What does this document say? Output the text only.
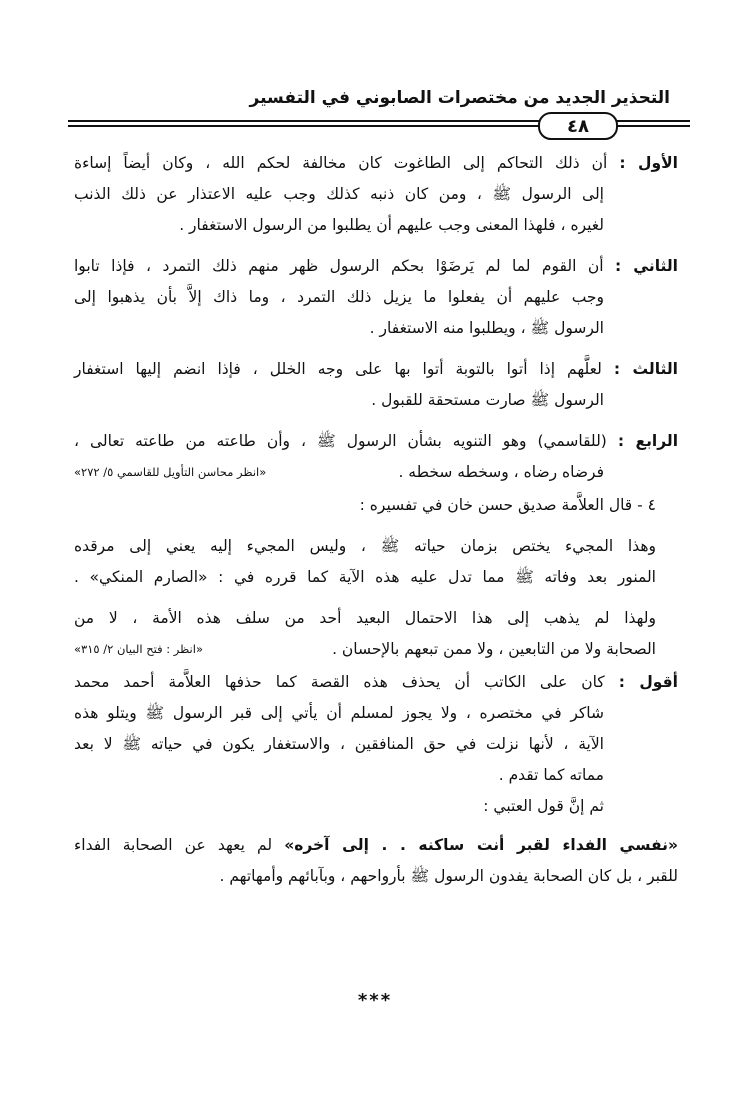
التحذير الجديد من مختصرات الصابوني في التفسير
٤٨
الأول : أن ذلك التحاكم إلى الطاغوت كان مخالفة لحكم الله ، وكان أيضاً إساءة
إلى الرسول ﷺ ، ومن كان ذنبه كذلك وجب عليه الاعتذار عن ذلك الذنب
لغيره ، فلهذا المعنى وجب عليهم أن يطلبوا من الرسول الاستغفار .
الثاني : أن القوم لما لم يَرضَوْا بحكم الرسول ظهر منهم ذلك التمرد ، فإذا تابوا
وجب عليهم أن يفعلوا ما يزيل ذلك التمرد ، وما ذاك إلاَّ بأن يذهبوا إلى
الرسول ﷺ ، ويطلبوا منه الاستغفار .
الثالث : لعلَّهم إذا أتوا بالتوبة أتوا بها على وجه الخلل ، فإذا انضم إليها استغفار
الرسول ﷺ صارت مستحقة للقبول .
الرابع : (للقاسمي) وهو التنويه بشأن الرسول ﷺ ، وأن طاعته من طاعته تعالى ،
فرضاه رضاه ، وسخطه سخطه .
«انظر محاسن التأويل للقاسمي ٥/ ٢٧٢»
٤ - قال العلاَّمة صديق حسن خان في تفسيره :
وهذا المجيء يختص بزمان حياته ﷺ ، وليس المجيء إليه يعني إلى مرقده
المنور بعد وفاته ﷺ مما تدل عليه هذه الآية كما قرره في : «الصارم المنكي» .
ولهذا لم يذهب إلى هذا الاحتمال البعيد أحد من سلف هذه الأمة ، لا من
الصحابة ولا من التابعين ، ولا ممن تبعهم بالإحسان .
«انظر : فتح البيان ٢/ ٣١٥»
أقول : كان على الكاتب أن يحذف هذه القصة كما حذفها العلاَّمة أحمد محمد
شاكر في مختصره ، ولا يجوز لمسلم أن يأتي إلى قبر الرسول ﷺ ويتلو هذه
الآية ، لأنها نزلت في حق المنافقين ، والاستغفار يكون في حياته ﷺ لا بعد
مماته كما تقدم .
ثم إنَّ قول العتبي :
«نفسي الفداء لقبر أنت ساكنه . . إلى آخره» لم يعهد عن الصحابة الفداء
للقبر ، بل كان الصحابة يفدون الرسول ﷺ بأرواحهم ، وبآبائهم وأمهاتهم .
***
